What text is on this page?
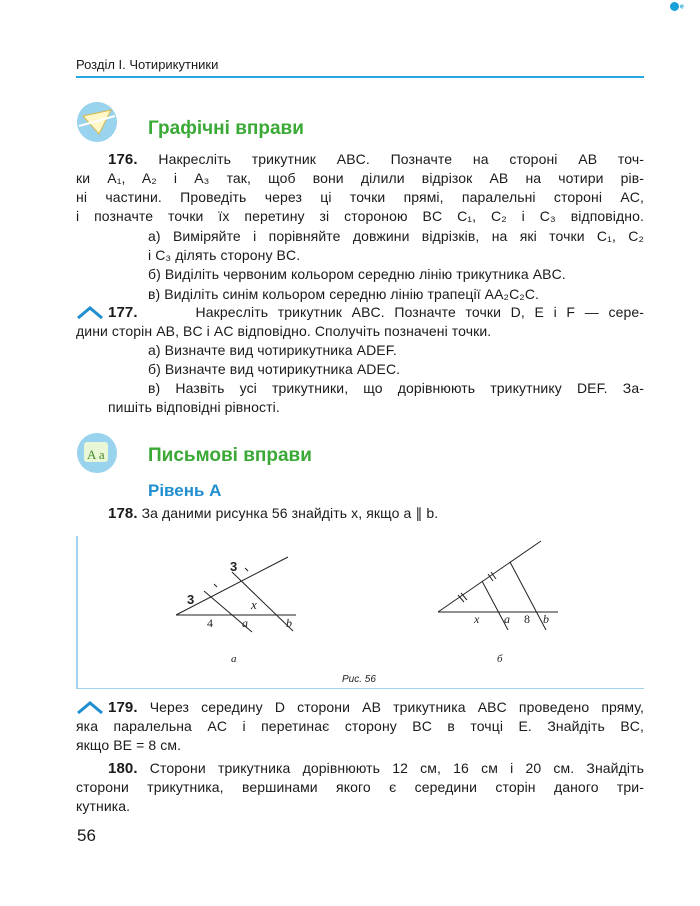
e
Розділ І. Чотирикутники
Графічні вправи
176. Накресліть трикутник ABC. Позначте на стороні AB точ-
ки A₁, A₂ і A₃ так, щоб вони ділили відрізок AB на чотири рів-
ні частини. Проведіть через ці точки прямі, паралельні стороні AC,
і позначте точки їх перетину зі стороною BC C₁, C₂ і C₃ відповідно.
а) Виміряйте і порівняйте довжини відрізків, на які точки C₁, C₂
і C₃ ділять сторону BC.
б) Виділіть червоним кольором середню лінію трикутника ABC.
в) Виділіть синім кольором середню лінію трапеції AA₂C₂C.
177.	Накресліть трикутник ABC. Позначте точки D, E і F — сере-
дини сторін AB, BC і AC відповідно. Сполучіть позначені точки.
а) Визначте вид чотирикутника ADEF.
б) Визначте вид чотирикутника ADEC.
в) Назвіть усі трикутники, що дорівнюють трикутнику DEF. За-
пишіть відповідні рівності.
A a Письмові вправи
Рівень А
178. За даними рисунка 56 знайдіть x, якщо a ∥ b.
3
3
x
4 a	b
а
x a 8 b
б
Рис. 56
179. Через середину D сторони AB трикутника ABC проведено пряму,
яка паралельна AC і перетинає сторону BC в точці E. Знайдіть BC,
якщо BE = 8 см.
180. Сторони трикутника дорівнюють 12 см, 16 см і 20 см. Знайдіть
сторони трикутника, вершинами якого є середини сторін даного три-
кутника.
56
